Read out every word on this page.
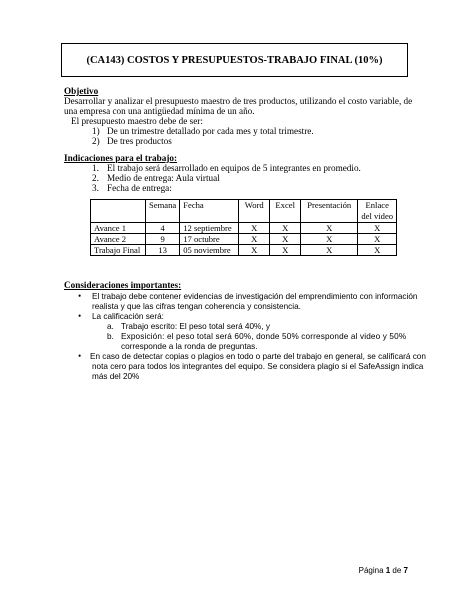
(CA143) COSTOS Y PRESUPUESTOS-TRABAJO FINAL (10%)
Objetivo
Desarrollar y analizar el presupuesto maestro de tres productos, utilizando el costo variable, de
una empresa con una antigüedad mínima de un año.
El presupuesto maestro debe de ser:
1) De un trimestre detallado por cada mes y total trimestre.
2) De tres productos
Indicaciones para el trabajo:
1. El trabajo será desarrollado en equipos de 5 integrantes en promedio.
2. Medio de entrega: Aula virtual
3. Fecha de entrega:
	Semana	Fecha	Word	Excel	Presentación	Enlace
del video
Avance 1	4	12 septiembre	X	X	X	X
Avance 2	9	17 octubre	X	X	X	X
Trabajo Final	13	05 noviembre	X	X	X	X
Consideraciones importantes:
• El trabajo debe contener evidencias de investigación del emprendimiento con información
realista y que las cifras tengan coherencia y consistencia.
• La calificación será:
a. Trabajo escrito: El peso total será 40%, y
b. Exposición: el peso total será 60%, donde 50% corresponde al video y 50%
corresponde a la ronda de preguntas.
• En caso de detectar copias o plagios en todo o parte del trabajo en general, se calificará con
nota cero para todos los integrantes del equipo. Se considera plagio si el SafeAssign indica
más del 20%
Página 1 de 7
